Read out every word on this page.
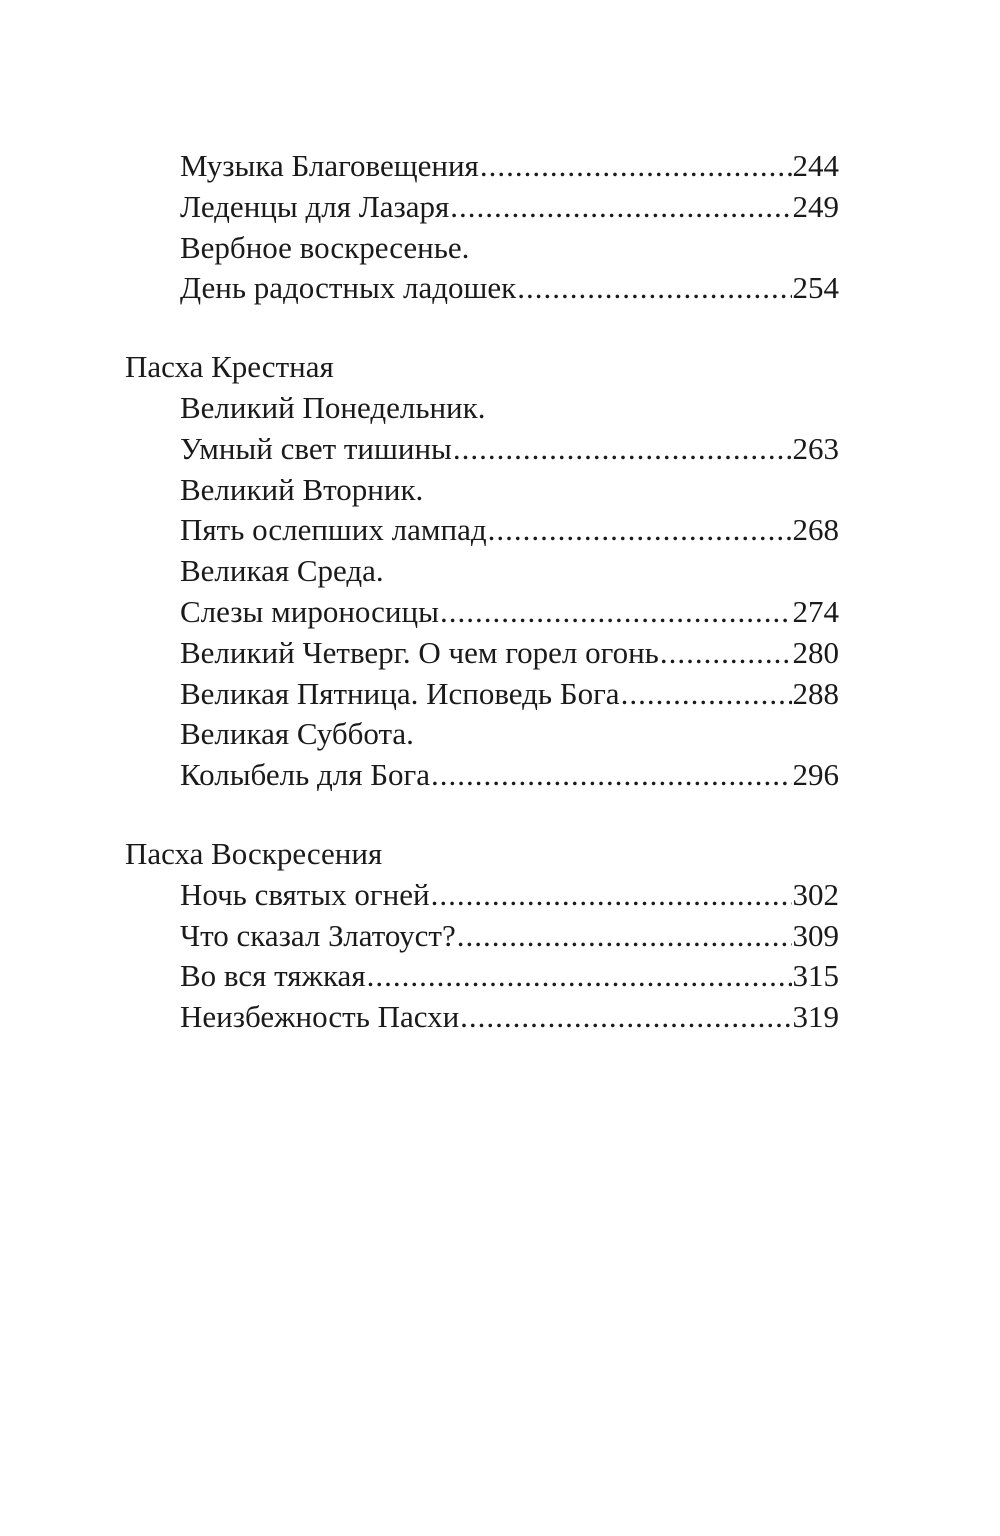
Музыка Благовещения .....	244
Леденцы для Лазаря .....	249
Вербное воскресенье.
День радостных ладошек .....	254
Пасха Крестная
Великий Понедельник.
Умный свет тишины .....	263
Великий Вторник.
Пять ослепших лампад .....	268
Великая Среда.
Слезы мироносицы .....	274
Великий Четверг. О чем горел огонь .....	280
Великая Пятница. Исповедь Бога .....	288
Великая Суббота.
Колыбель для Бога .....	296
Пасха Воскресения
Ночь святых огней .....	302
Что сказал Златоуст? .....	309
Во вся тяжкая .....	315
Неизбежность Пасхи .....	319
